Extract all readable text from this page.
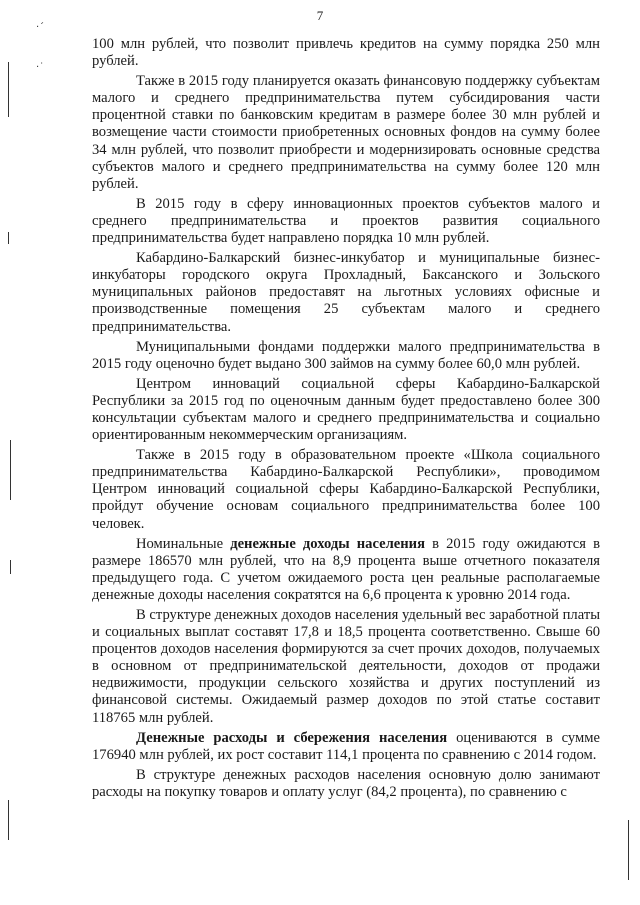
·´
·˙
7

100 млн рублей, что позволит привлечь кредитов на сумму порядка 250 млн рублей.

Также в 2015 году планируется оказать финансовую поддержку субъектам малого и среднего предпринимательства путем субсидирования части процентной ставки по банковским кредитам в размере более 30 млн рублей и возмещение части стоимости приобретенных основных фондов на сумму более 34 млн рублей, что позволит приобрести и модернизировать основные средства субъектов малого и среднего предпринимательства на сумму более 120 млн рублей.

В 2015 году в сферу инновационных проектов субъектов малого и среднего предпринимательства и проектов развития социального предпринимательства будет направлено порядка 10 млн рублей.

Кабардино-Балкарский бизнес-инкубатор и муниципальные бизнес-инкубаторы городского округа Прохладный, Баксанского и Зольского муниципальных районов предоставят на льготных условиях офисные и производственные помещения 25 субъектам малого и среднего предпринимательства.

Муниципальными фондами поддержки малого предпринимательства в 2015 году оценочно будет выдано 300 займов на сумму более 60,0 млн рублей.

Центром инноваций социальной сферы Кабардино-Балкарской Республики за 2015 год по оценочным данным будет предоставлено более 300 консультации субъектам малого и среднего предпринимательства и социально ориентированным некоммерческим организациям.

Также в 2015 году в образовательном проекте «Школа социального предпринимательства Кабардино-Балкарской Республики», проводимом Центром инноваций социальной сферы Кабардино-Балкарской Республики, пройдут обучение основам социального предпринимательства более 100 человек.

Номинальные денежные доходы населения в 2015 году ожидаются в размере 186570 млн рублей, что на 8,9 процента выше отчетного показателя предыдущего года. С учетом ожидаемого роста цен реальные располагаемые денежные доходы населения сократятся на 6,6 процента к уровню 2014 года.

В структуре денежных доходов населения удельный вес заработной платы и социальных выплат составят 17,8 и 18,5 процента соответственно. Свыше 60 процентов доходов населения формируются за счет прочих доходов, получаемых в основном от предпринимательской деятельности, доходов от продажи недвижимости, продукции сельского хозяйства и других поступлений из финансовой системы. Ожидаемый размер доходов по этой статье составит 118765 млн рублей.

Денежные расходы и сбережения населения оцениваются в сумме 176940 млн рублей, их рост составит 114,1 процента по сравнению с 2014 годом.

В структуре денежных расходов населения основную долю занимают расходы на покупку товаров и оплату услуг (84,2 процента), по сравнению с
